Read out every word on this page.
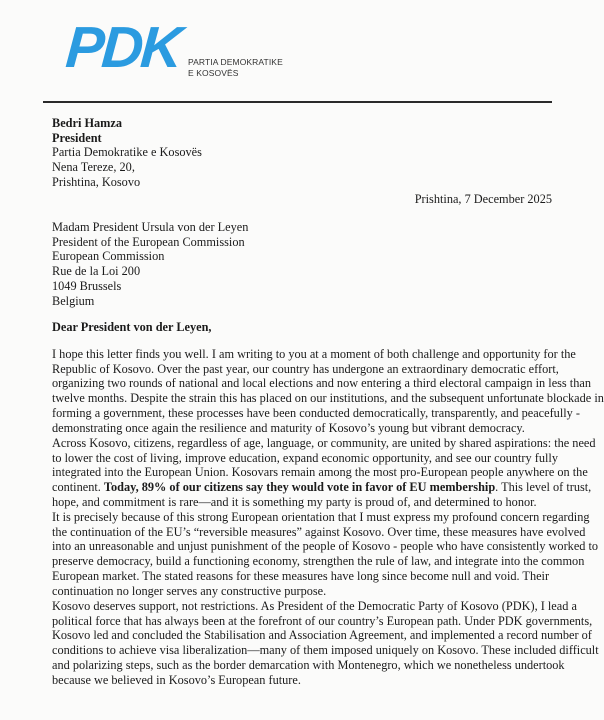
PDK PARTIA DEMOKRATIKE
E KOSOVËS
Bedri Hamza
President
Partia Demokratike e Kosovës
Nena Tereze, 20,
Prishtina, Kosovo
Prishtina, 7 December 2025
Madam President Ursula von der Leyen
President of the European Commission
European Commission
Rue de la Loi 200
1049 Brussels
Belgium
Dear President von der Leyen,
I hope this letter finds you well. I am writing to you at a moment of both challenge and opportunity for the
Republic of Kosovo. Over the past year, our country has undergone an extraordinary democratic effort,
organizing two rounds of national and local elections and now entering a third electoral campaign in less than
twelve months. Despite the strain this has placed on our institutions, and the subsequent unfortunate blockade in
forming a government, these processes have been conducted democratically, transparently, and peacefully -
demonstrating once again the resilience and maturity of Kosovo’s young but vibrant democracy.
Across Kosovo, citizens, regardless of age, language, or community, are united by shared aspirations: the need
to lower the cost of living, improve education, expand economic opportunity, and see our country fully
integrated into the European Union. Kosovars remain among the most pro-European people anywhere on the
continent. Today, 89% of our citizens say they would vote in favor of EU membership. This level of trust,
hope, and commitment is rare—and it is something my party is proud of, and determined to honor.
It is precisely because of this strong European orientation that I must express my profound concern regarding
the continuation of the EU’s “reversible measures” against Kosovo. Over time, these measures have evolved
into an unreasonable and unjust punishment of the people of Kosovo - people who have consistently worked to
preserve democracy, build a functioning economy, strengthen the rule of law, and integrate into the common
European market. The stated reasons for these measures have long since become null and void. Their
continuation no longer serves any constructive purpose.
Kosovo deserves support, not restrictions. As President of the Democratic Party of Kosovo (PDK), I lead a
political force that has always been at the forefront of our country’s European path. Under PDK governments,
Kosovo led and concluded the Stabilisation and Association Agreement, and implemented a record number of
conditions to achieve visa liberalization—many of them imposed uniquely on Kosovo. These included difficult
and polarizing steps, such as the border demarcation with Montenegro, which we nonetheless undertook
because we believed in Kosovo’s European future.
